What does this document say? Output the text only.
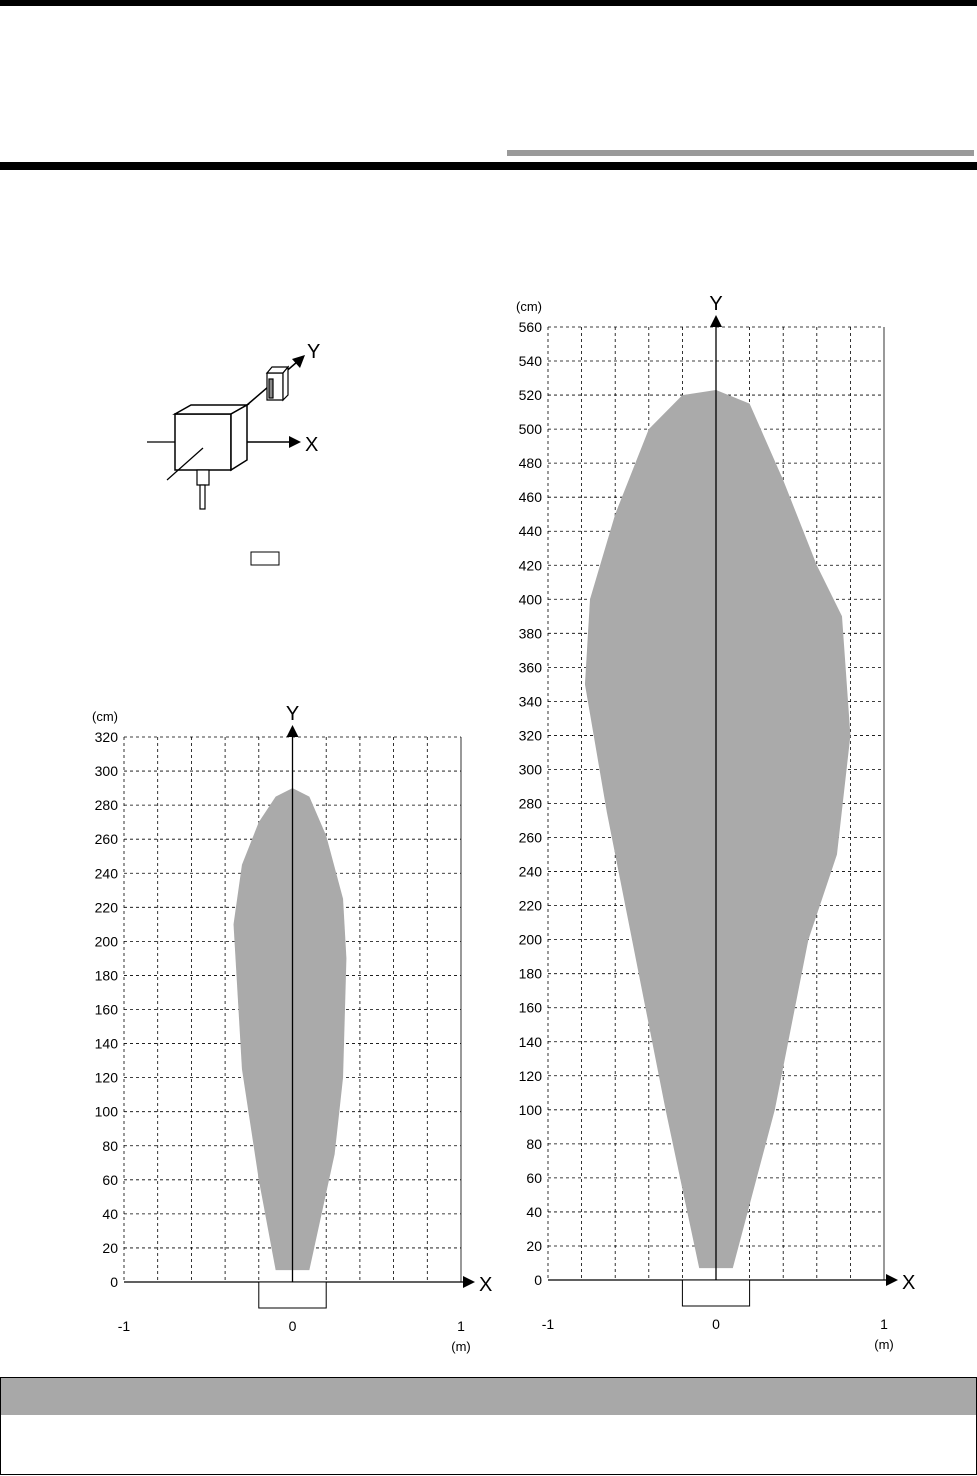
X
Y
X
Y
0
20
40
60
80
100
120
140
160
180
200
220
240
260
280
300
320
(cm)
-1	0	1
(m)
X
Y
0
20
40
60
80
100
120
140
160
180
200
220
240
260
280
300
320
340
360
380
400
420
440
460
480
500
520
540
560
(cm)
-1	0	1
(m)
